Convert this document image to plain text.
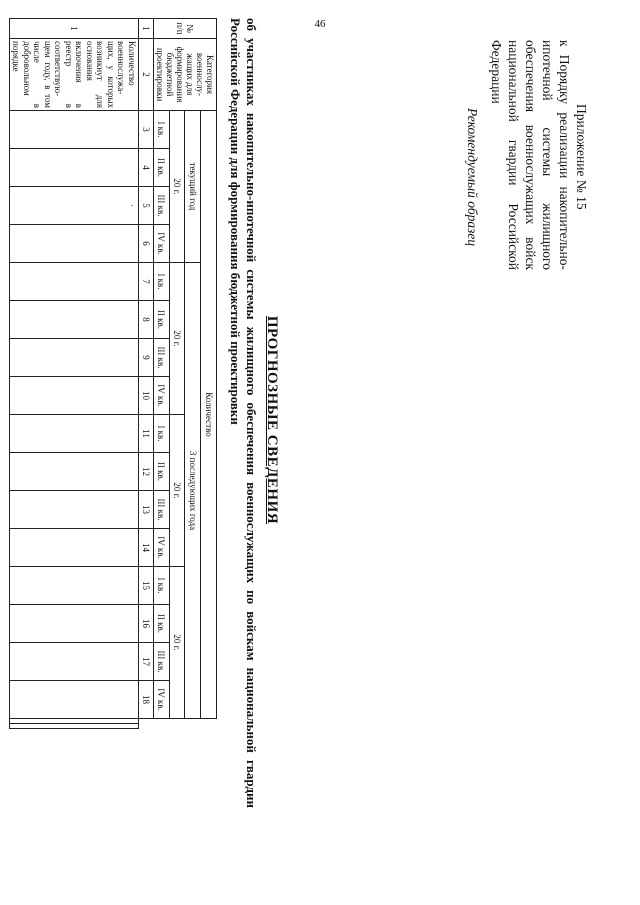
46
Приложение № 15
к Порядку реализации накопительно-ипотечной системы жилищного обеспечения военнослужащих войск национальной гвардии Российской Федерации
Рекомендуемый образец
ПРОГНОЗНЫЕ СВЕДЕНИЯ
об участниках накопительно-ипотечной системы жилищного обеспечения военнослужащих по войскам национальной гвардии Российской Федерации для формирования бюджетной проектировки
№ п/п	Категория военнослу-жащих для формирования бюджетной проектировки	Количество																	
		текущий год				3 последующих года													
		20 г.				20 г.				20 г.				20 г.					
		I кв.	II кв.	III кв.	IV кв.	I кв.	II кв.	III кв.	IV кв.	I кв.	II кв.	III кв.	IV кв.	I кв.	II кв.	III кв.	IV кв.		
1	2	3	4	5	6	7	8	9	10	11	12	13	14	15	16	17	18		
1	Количество военнослужа-щих, у которых возникнут для основания включения в реестр в соответствую-щем году, в том числе в добровольном порядке			·															
